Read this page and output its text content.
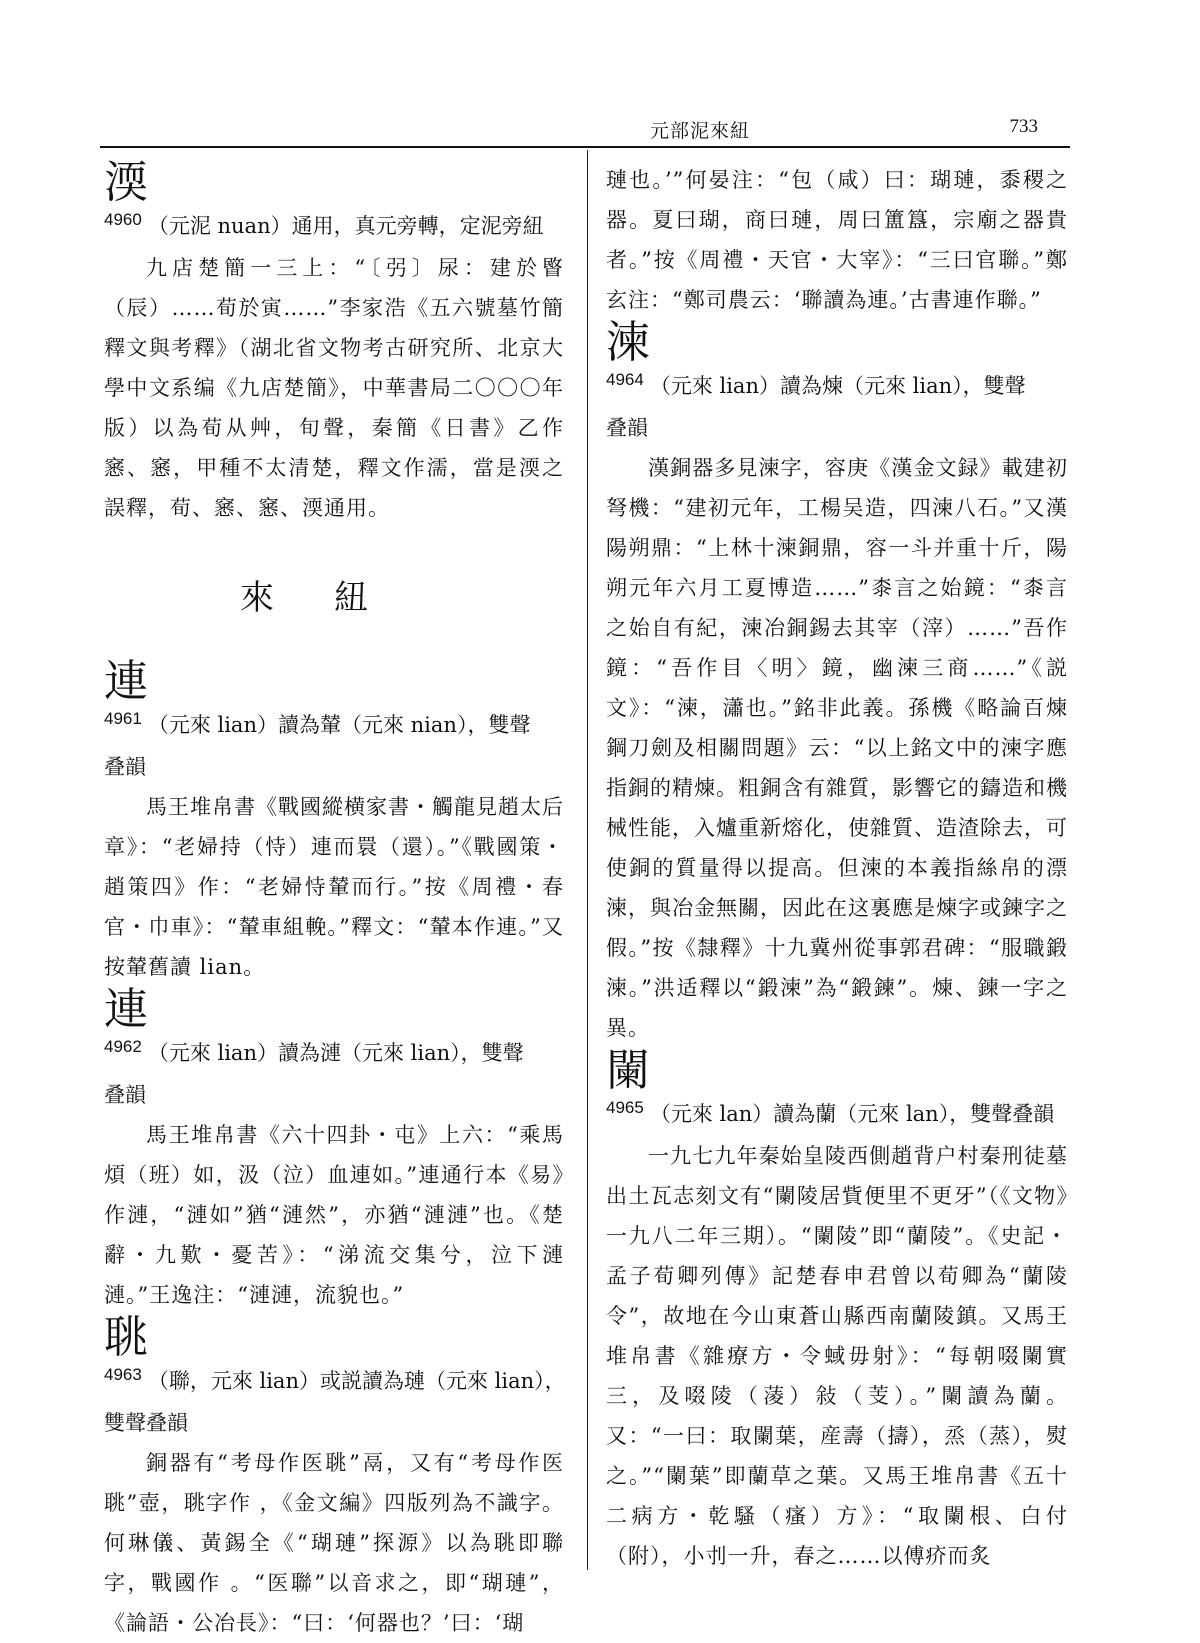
元部泥來紐	733
渜

$^{4960}$ （元泥 nuan）通用，真元旁轉，定泥旁紐

九店楚簡一三上：“〔弜〕尿：建於睯（辰）……荀於寅……”李家浩《五六號墓竹簡釋文與考釋》（湖北省文物考古研究所、北京大學中文系编《九店楚簡》，中華書局二〇〇〇年版）以為荀从艸，旬聲，秦簡《日書》乙作窸、窸，甲種不太清楚，釋文作濡，當是渜之誤釋，荀、窸、窸、渜通用。

來紐
連

$^{4961}$ （元來 lian）讀為輦（元來 nian），雙聲

叠韻

馬王堆帛書《戰國縱横家書・觸龍見趙太后章》：“老婦持（恃）連而睘（還）。”《戰國策・趙策四》作：“老婦恃輦而行。”按《周禮・春官・巾車》：“輦車組輓。”釋文：“輦本作連。”又按輦舊讀 lian。

連

$^{4962}$ （元來 lian）讀為漣（元來 lian），雙聲

叠韻

馬王堆帛書《六十四卦・屯》上六：“乘馬煩（班）如，汲（泣）血連如。”連通行本《易》作漣，“漣如”猶“漣然”，亦猶“漣漣”也。《楚辭・九歎・憂苦》：“涕流交集兮，泣下漣漣。”王逸注：“漣漣，流貌也。”

聎

$^{4963}$ （聯，元來 lian）或説讀為璉（元來 lian），

雙聲叠韻

銅器有“考母作医聎”鬲，又有“考母作医聎”壺，聎字作 ，《金文編》四版列為不識字。何琳儀、黃錫全《“瑚璉”探源》以為聎即聯字，戰國作 。“医聯”以音求之，即“瑚璉”，《論語・公冶長》：“曰：‘何器也？’曰：‘瑚

璉也。’”何晏注：“包（咸）曰：瑚璉，黍稷之器。夏曰瑚，商曰璉，周曰簠簋，宗廟之器貴者。”按《周禮・天官・大宰》：“三曰官聯。”鄭玄注：“鄭司農云：‘聯讀為連。’古書連作聯。”

湅

$^{4964}$ （元來 lian）讀為煉（元來 lian），雙聲

叠韻

漢銅器多見湅字，容庚《漢金文録》載建初弩機：“建初元年，工楊吴造，四湅八石。”又漢陽朔鼎：“上林十湅銅鼎，容一斗并重十斤，陽朔元年六月工夏博造……”桼言之始鏡：“桼言之始自有紀，湅冶銅錫去其宰（滓）……”吾作鏡：“吾作目〈明〉鏡，幽湅三商……”《説文》：“湅，瀟也。”銘非此義。孫機《略論百煉鋼刀劍及相關問題》云：“以上銘文中的湅字應指銅的精煉。粗銅含有雜質，影響它的鑄造和機械性能，入爐重新熔化，使雜質、造渣除去，可使銅的質量得以提高。但湅的本義指絲帛的漂湅，與冶金無關，因此在这裏應是煉字或鍊字之假。”按《隸釋》十九冀州從事郭君碑：“服職鍛湅。”洪适釋以“鍛湅”為“鍛鍊”。煉、鍊一字之異。

闌

$^{4965}$ （元來 lan）讀為蘭（元來 lan），雙聲叠韻

一九七九年秦始皇陵西側趙背户村秦刑徒墓出土瓦志刻文有“闌陵居貲便里不更牙”（《文物》一九八二年三期）。“闌陵”即“蘭陵”。《史記・孟子荀卿列傳》記楚春申君曾以荀卿為“蘭陵令”，故地在今山東蒼山縣西南蘭陵鎮。又馬王堆帛書《雜療方・令蜮毋射》：“每朝啜闌實三，及啜陵（蓤）敍（芰）。”闌讀為蘭。又：“一曰：取闌葉，産壽（擣），烝（蒸），熨之。”“闌葉”即蘭草之葉。又馬王堆帛書《五十二病方・乾騷（瘙）方》：“取闌根、白付（附），小刌一升，春之……以傅疥而炙
